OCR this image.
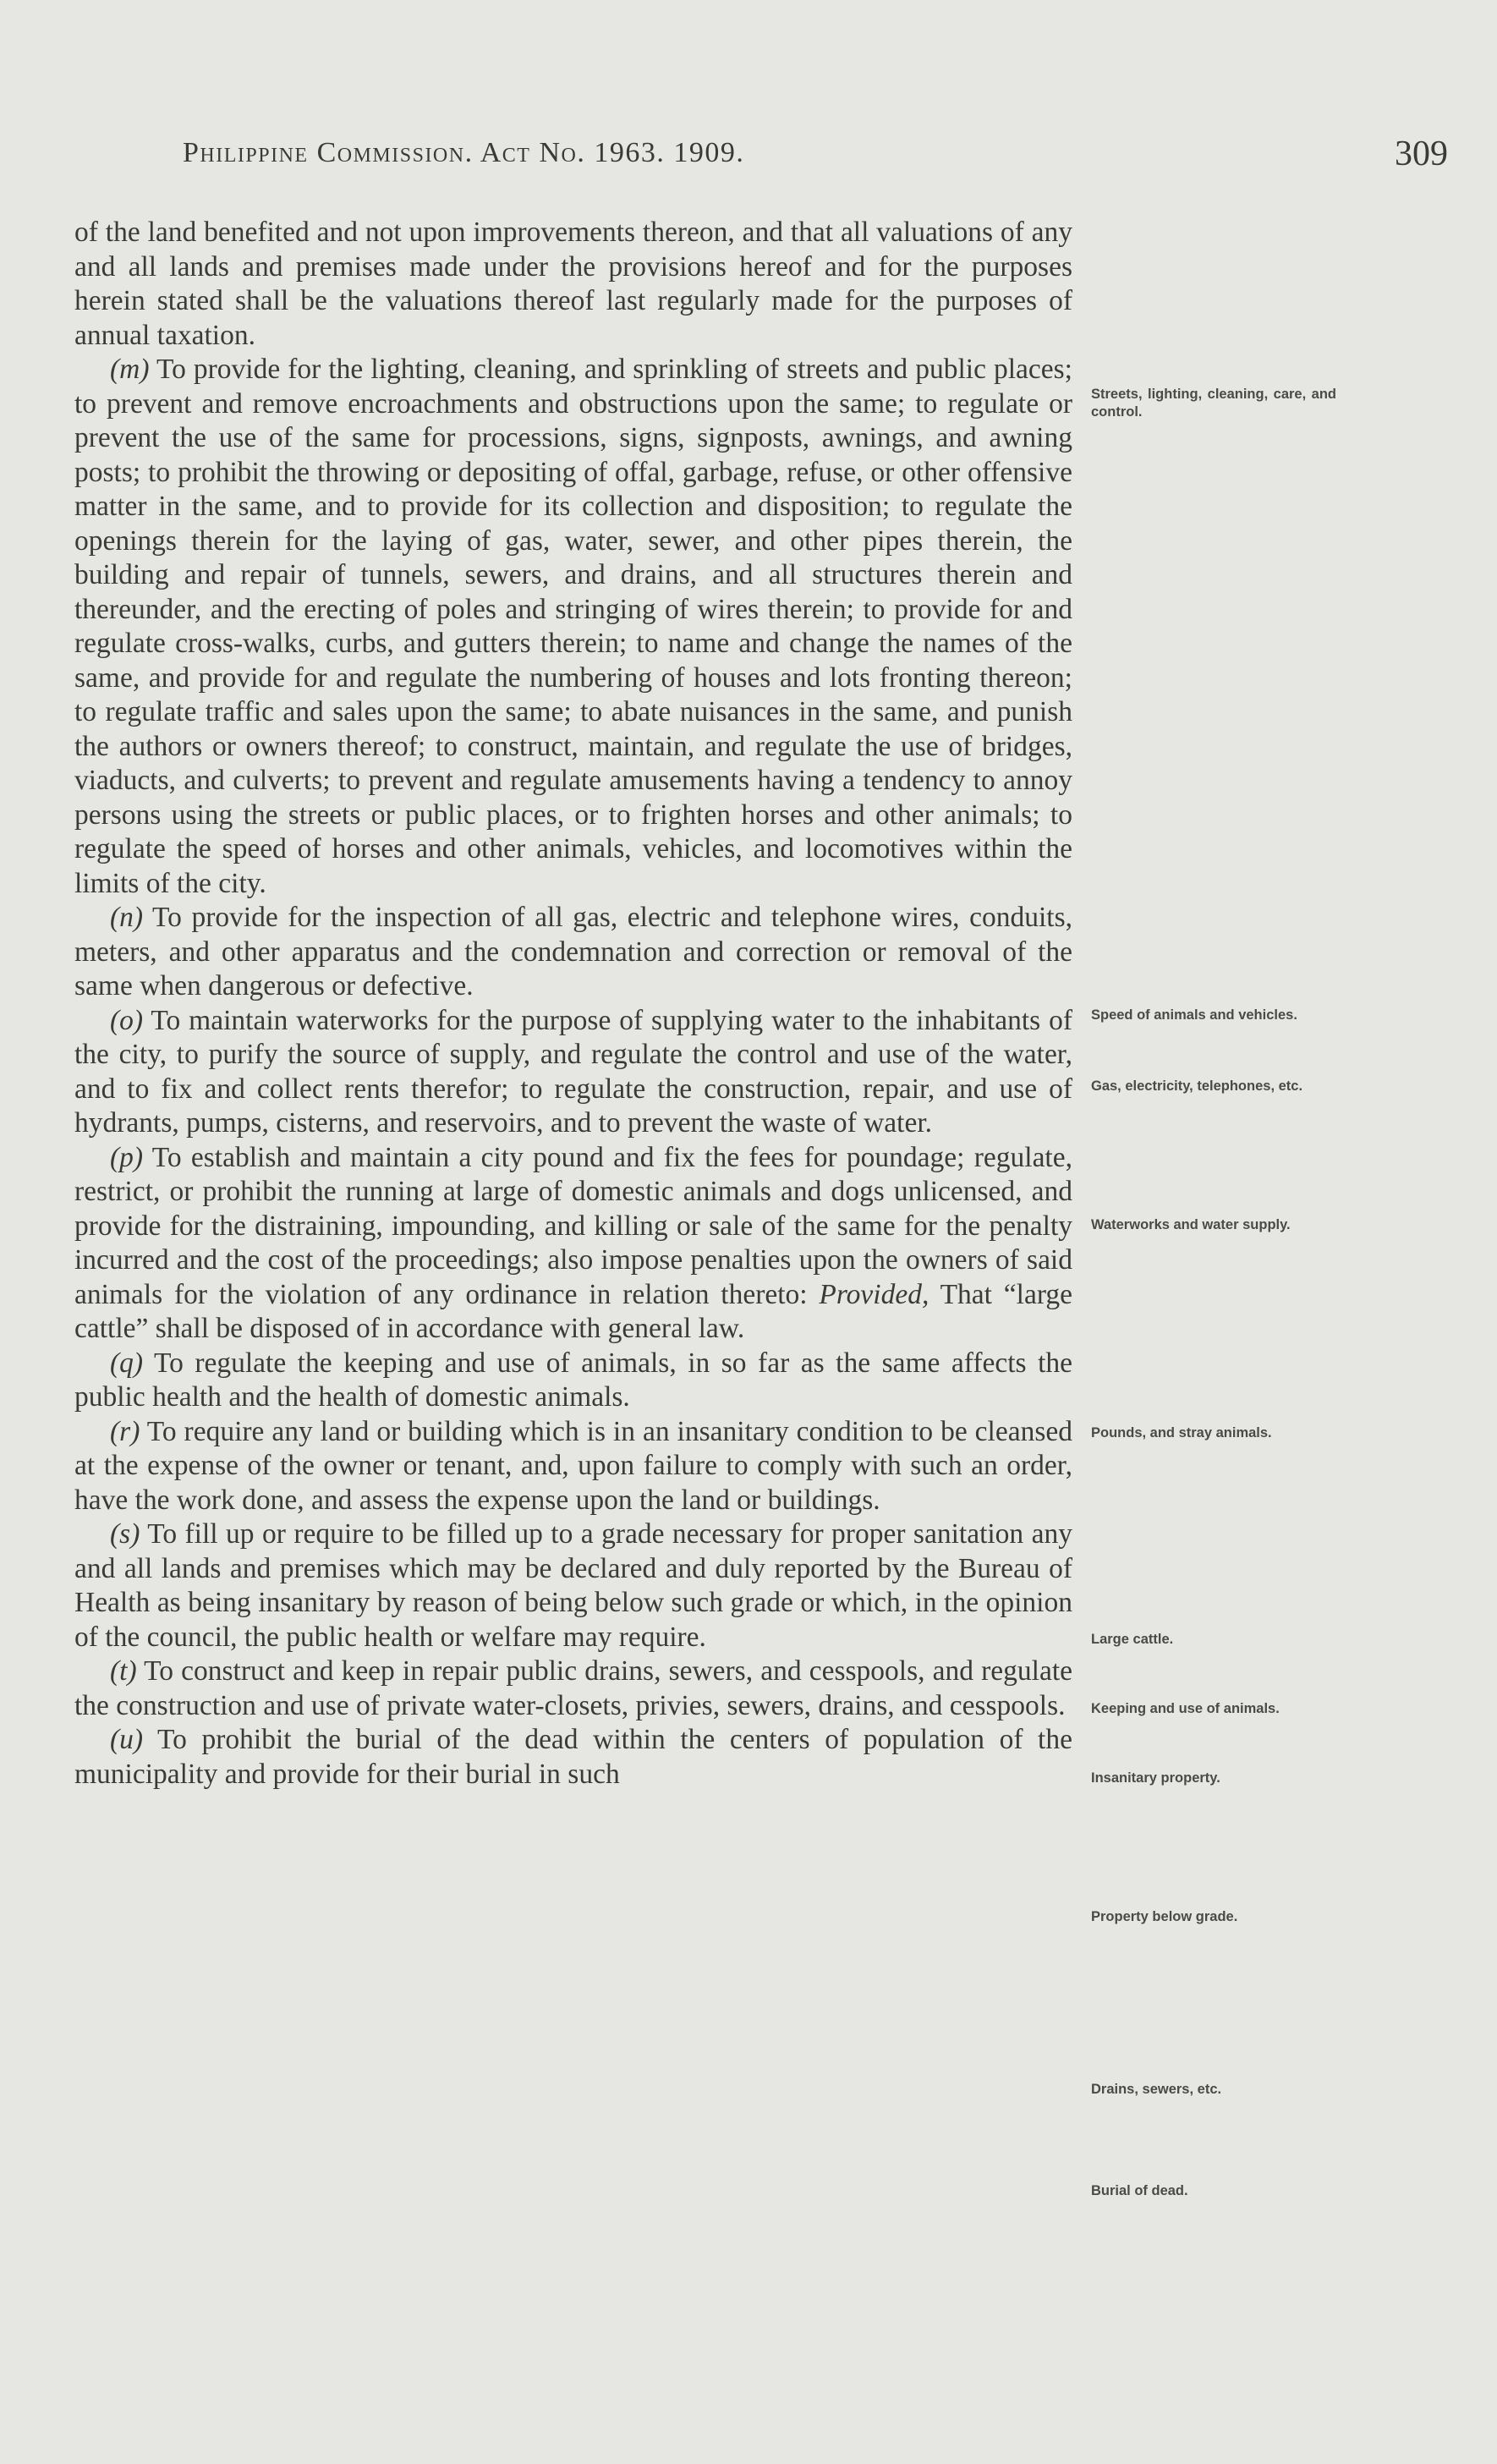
Philippine Commission. Act No. 1963. 1909.	309

of the land benefited and not upon improvements thereon, and that all valuations of any and all lands and premises made under the provisions hereof and for the purposes herein stated shall be the valuations thereof last regularly made for the purposes of annual taxation.

(m) To provide for the lighting, cleaning, and sprinkling of streets and public places; to prevent and remove encroachments and obstructions upon the same; to regulate or prevent the use of the same for processions, signs, signposts, awnings, and awning posts; to prohibit the throwing or depositing of offal, garbage, refuse, or other offensive matter in the same, and to provide for its collection and disposition; to regulate the openings therein for the laying of gas, water, sewer, and other pipes therein, the building and repair of tunnels, sewers, and drains, and all structures therein and thereunder, and the erecting of poles and stringing of wires therein; to provide for and regulate cross-walks, curbs, and gutters therein; to name and change the names of the same, and provide for and regulate the numbering of houses and lots fronting thereon; to regulate traffic and sales upon the same; to abate nuisances in the same, and punish the authors or owners thereof; to construct, maintain, and regulate the use of bridges, viaducts, and culverts; to prevent and regulate amusements having a tendency to annoy persons using the streets or public places, or to frighten horses and other animals; to regulate the speed of horses and other animals, vehicles, and locomotives within the limits of the city.

(n) To provide for the inspection of all gas, electric and telephone wires, conduits, meters, and other apparatus and the condemnation and correction or removal of the same when dangerous or defective.

(o) To maintain waterworks for the purpose of supplying water to the inhabitants of the city, to purify the source of supply, and regulate the control and use of the water, and to fix and collect rents therefor; to regulate the construction, repair, and use of hydrants, pumps, cisterns, and reservoirs, and to prevent the waste of water.

(p) To establish and maintain a city pound and fix the fees for poundage; regulate, restrict, or prohibit the running at large of domestic animals and dogs unlicensed, and provide for the distraining, impounding, and killing or sale of the same for the penalty incurred and the cost of the proceedings; also impose penalties upon the owners of said animals for the violation of any ordinance in relation thereto: Provided, That “large cattle” shall be disposed of in accordance with general law.

(q) To regulate the keeping and use of animals, in so far as the same affects the public health and the health of domestic animals.

(r) To require any land or building which is in an insanitary condition to be cleansed at the expense of the owner or tenant, and, upon failure to comply with such an order, have the work done, and assess the expense upon the land or buildings.

(s) To fill up or require to be filled up to a grade necessary for proper sanitation any and all lands and premises which may be declared and duly reported by the Bureau of Health as being insanitary by reason of being below such grade or which, in the opinion of the council, the public health or welfare may require.

(t) To construct and keep in repair public drains, sewers, and cesspools, and regulate the construction and use of private water-closets, privies, sewers, drains, and cesspools.

(u) To prohibit the burial of the dead within the centers of population of the municipality and provide for their burial in such

Streets, lighting, cleaning, care, and control.
Speed of animals and vehicles.
Gas, electricity, telephones, etc.
Waterworks and water supply.
Pounds, and stray animals.
Large cattle.
Keeping and use of animals.
Insanitary property.
Property below grade.
Drains, sewers, etc.
Burial of dead.
